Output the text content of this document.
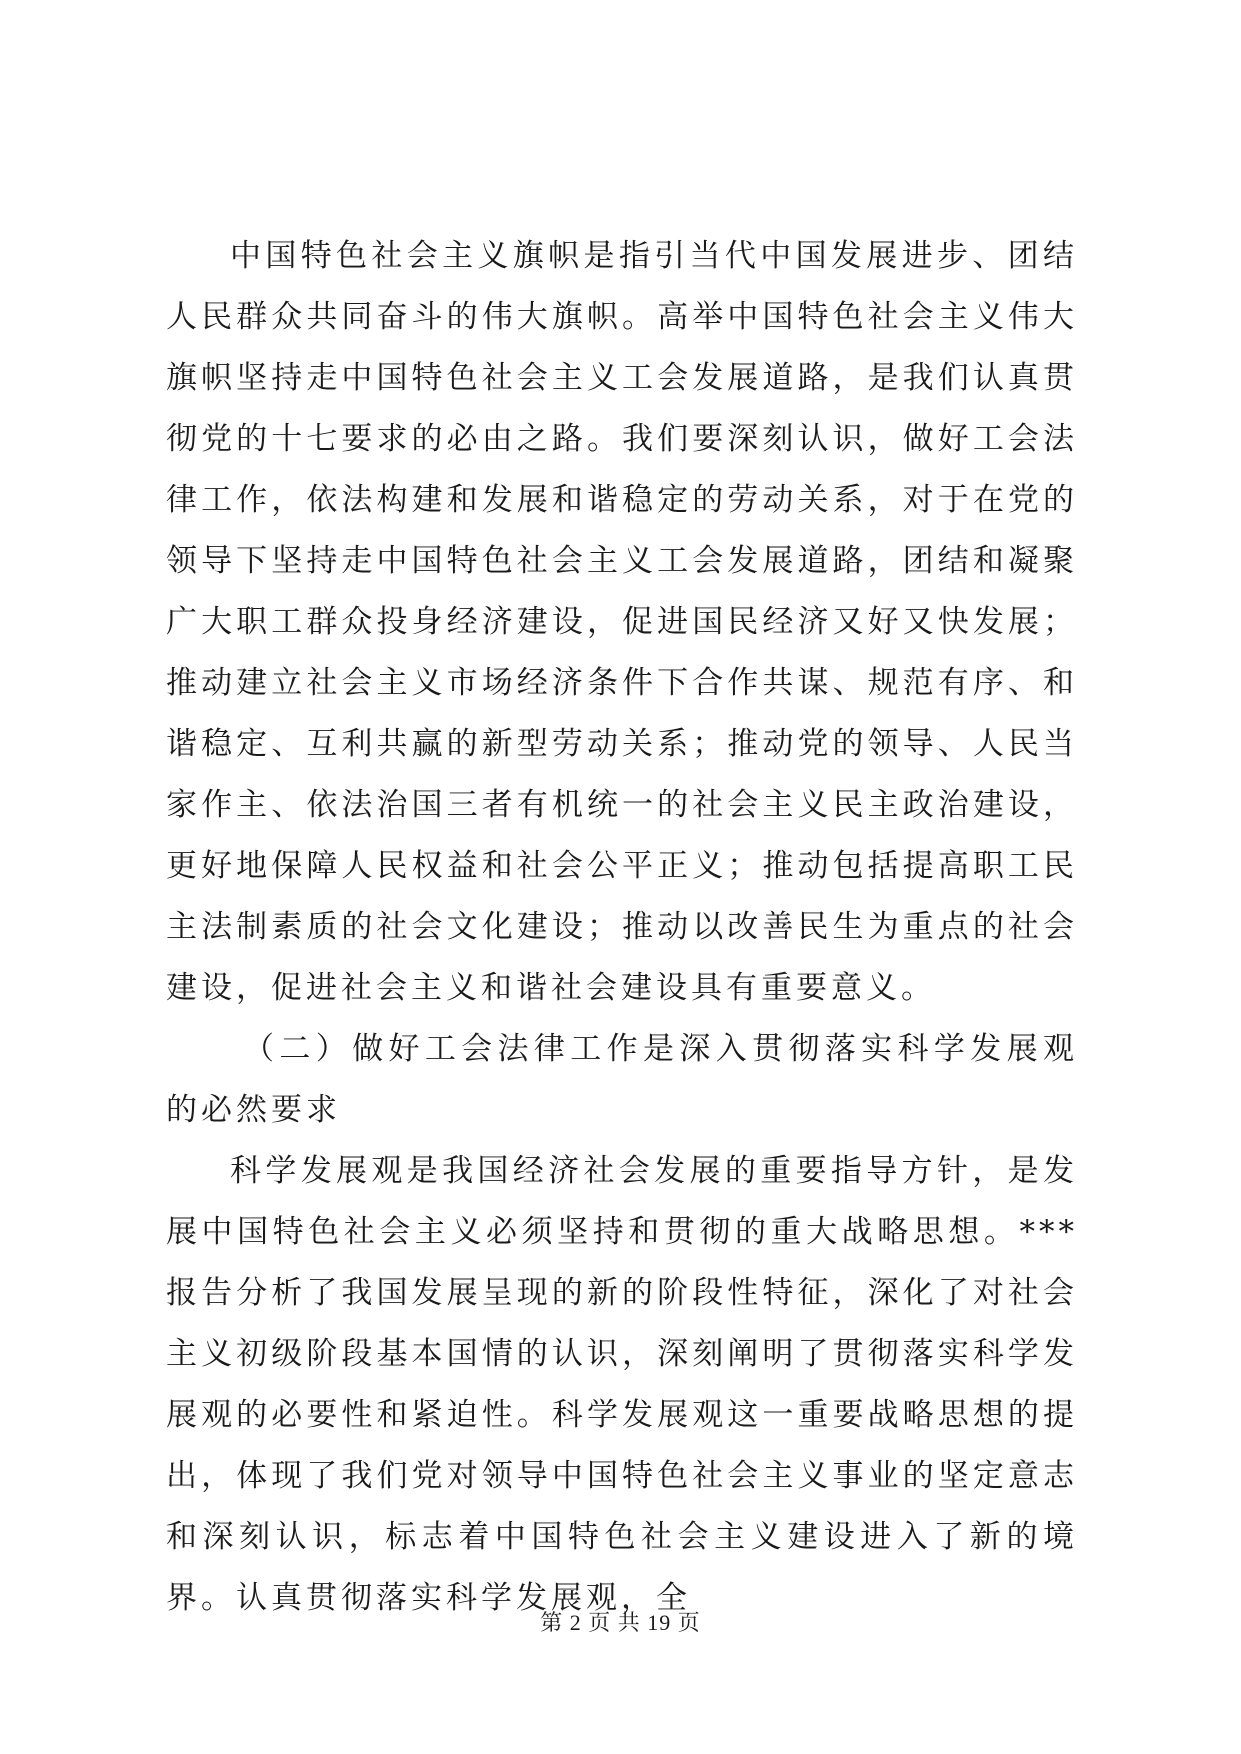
中国特色社会主义旗帜是指引当代中国发展进步、团结人民群众共同奋斗的伟大旗帜。高举中国特色社会主义伟大旗帜坚持走中国特色社会主义工会发展道路，是我们认真贯彻党的十七要求的必由之路。我们要深刻认识，做好工会法律工作，依法构建和发展和谐稳定的劳动关系，对于在党的领导下坚持走中国特色社会主义工会发展道路，团结和凝聚广大职工群众投身经济建设，促进国民经济又好又快发展；推动建立社会主义市场经济条件下合作共谋、规范有序、和谐稳定、互利共赢的新型劳动关系；推动党的领导、人民当家作主、依法治国三者有机统一的社会主义民主政治建设，更好地保障人民权益和社会公平正义；推动包括提高职工民主法制素质的社会文化建设；推动以改善民生为重点的社会建设，促进社会主义和谐社会建设具有重要意义。

（二）做好工会法律工作是深入贯彻落实科学发展观的必然要求

科学发展观是我国经济社会发展的重要指导方针，是发展中国特色社会主义必须坚持和贯彻的重大战略思想。***报告分析了我国发展呈现的新的阶段性特征，深化了对社会主义初级阶段基本国情的认识，深刻阐明了贯彻落实科学发展观的必要性和紧迫性。科学发展观这一重要战略思想的提出，体现了我们党对领导中国特色社会主义事业的坚定意志和深刻认识，标志着中国特色社会主义建设进入了新的境界。认真贯彻落实科学发展观，全

第 2 页 共 19 页
